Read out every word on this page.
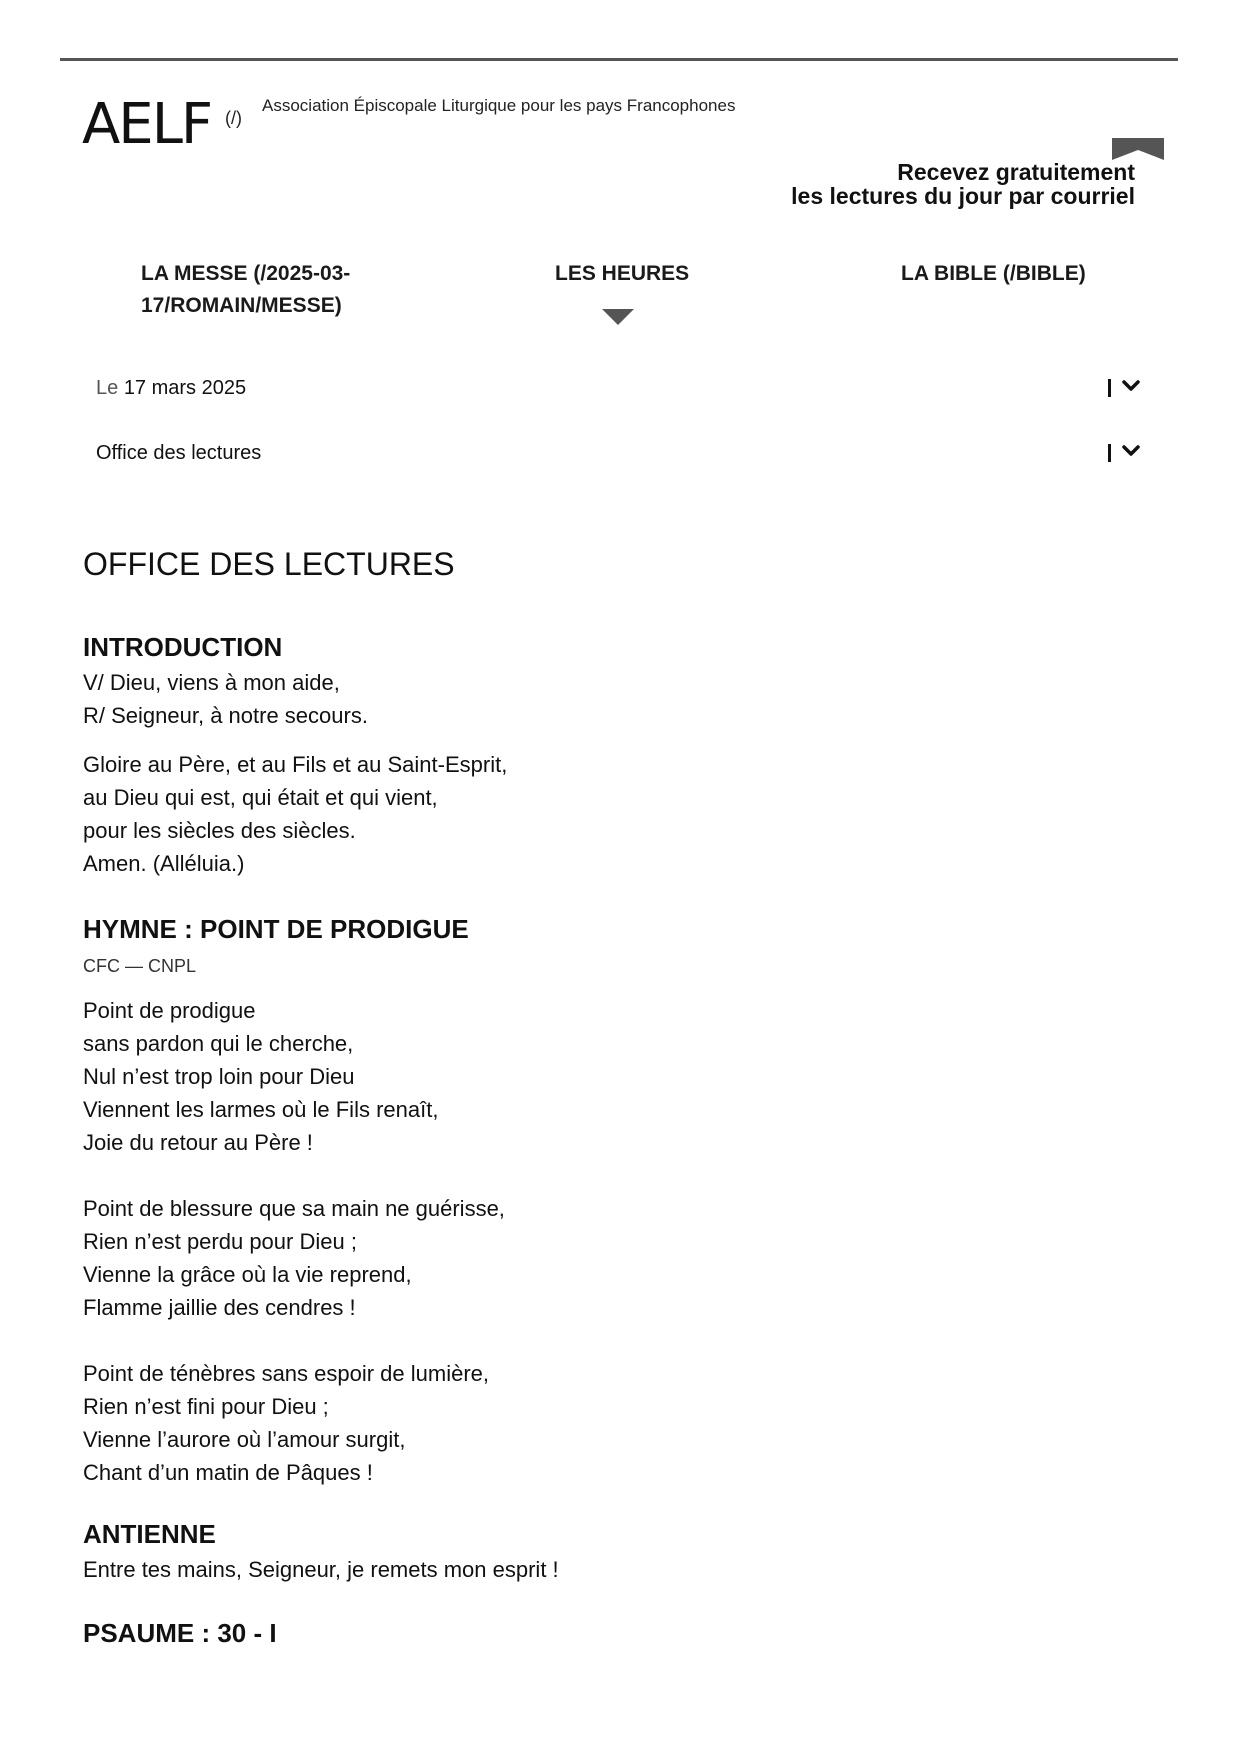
AELF (/)
Association Épiscopale Liturgique pour les pays Francophones
Recevez gratuitement
les lectures du jour par courriel
LA MESSE (/2025-03-17/ROMAIN/MESSE)
LES HEURES	LA BIBLE (/BIBLE)
Le 17 mars 2025
Office des lectures
OFFICE DES LECTURES
INTRODUCTION

V/ Dieu, viens à mon aide,
R/ Seigneur, à notre secours.

Gloire au Père, et au Fils et au Saint-Esprit,
au Dieu qui est, qui était et qui vient,
pour les siècles des siècles.
Amen. (Alléluia.)

HYMNE : POINT DE PRODIGUE

CFC — CNPL

Point de prodigue
sans pardon qui le cherche,
Nul n’est trop loin pour Dieu
Viennent les larmes où le Fils renaît,
Joie du retour au Père !

Point de blessure que sa main ne guérisse,
Rien n’est perdu pour Dieu ;
Vienne la grâce où la vie reprend,
Flamme jaillie des cendres !

Point de ténèbres sans espoir de lumière,
Rien n’est fini pour Dieu ;
Vienne l’aurore où l’amour surgit,
Chant d’un matin de Pâques !

ANTIENNE

Entre tes mains, Seigneur, je remets mon esprit !

PSAUME : 30 - I
